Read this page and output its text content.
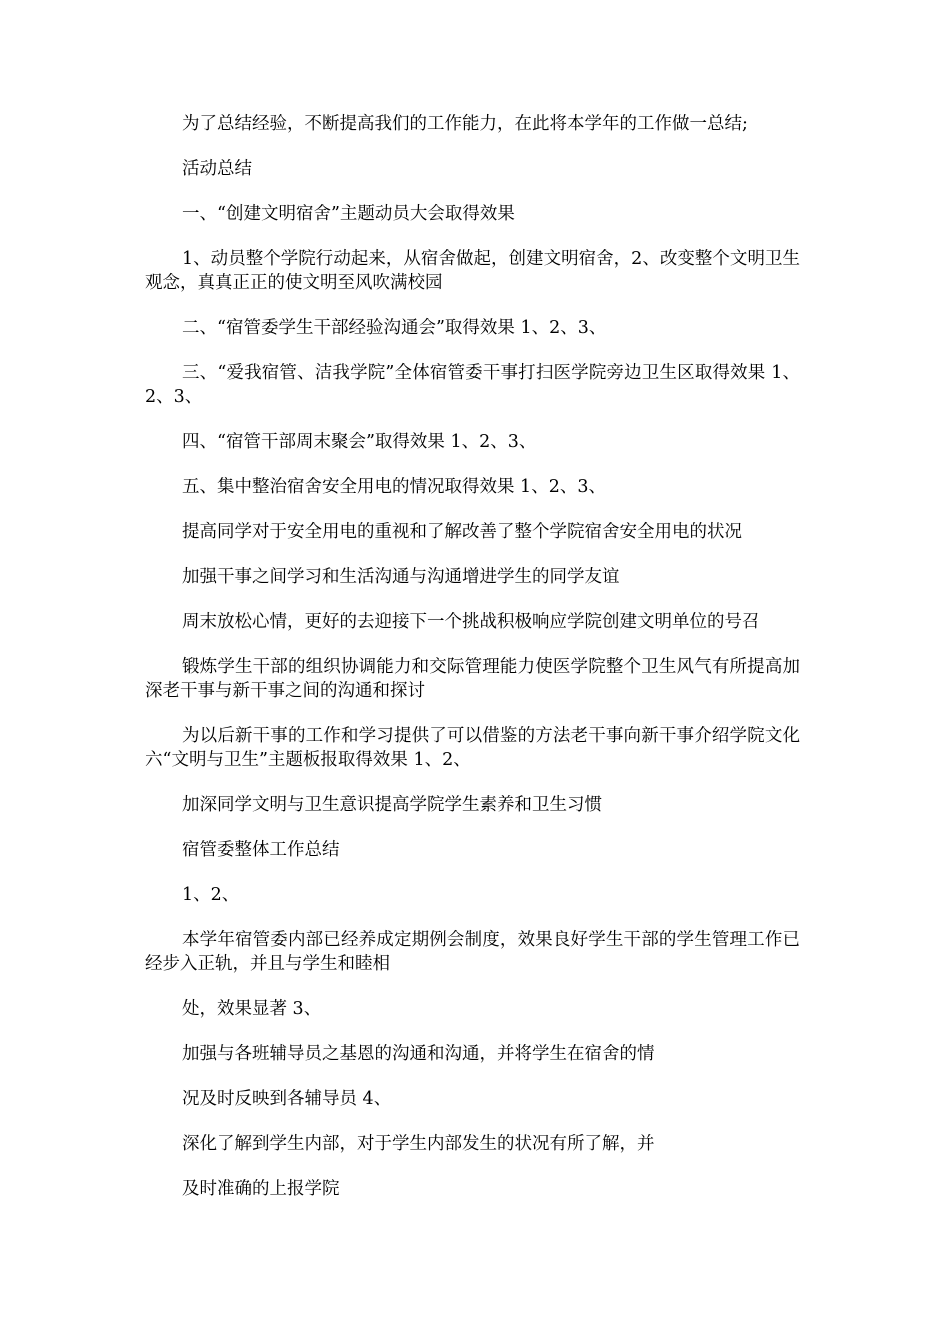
为了总结经验，不断提高我们的工作能力，在此将本学年的工作做一总结;

活动总结

一、“创建文明宿舍”主题动员大会取得效果

1、动员整个学院行动起来，从宿舍做起，创建文明宿舍，2、改变整个文明卫生观念，真真正正的使文明至风吹满校园

二、“宿管委学生干部经验沟通会”取得效果 1、2、3、

三、“爱我宿管、洁我学院”全体宿管委干事打扫医学院旁边卫生区取得效果 1、2、3、

四、“宿管干部周末聚会”取得效果 1、2、3、

五、集中整治宿舍安全用电的情况取得效果 1、2、3、

提高同学对于安全用电的重视和了解改善了整个学院宿舍安全用电的状况

加强干事之间学习和生活沟通与沟通增进学生的同学友谊

周末放松心情，更好的去迎接下一个挑战积极响应学院创建文明单位的号召

锻炼学生干部的组织协调能力和交际管理能力使医学院整个卫生风气有所提高加深老干事与新干事之间的沟通和探讨

为以后新干事的工作和学习提供了可以借鉴的方法老干事向新干事介绍学院文化六“文明与卫生”主题板报取得效果 1、2、

加深同学文明与卫生意识提高学院学生素养和卫生习惯

宿管委整体工作总结

1、2、

本学年宿管委内部已经养成定期例会制度，效果良好学生干部的学生管理工作已经步入正轨，并且与学生和睦相

处，效果显著 3、

加强与各班辅导员之基恩的沟通和沟通，并将学生在宿舍的情

况及时反映到各辅导员 4、

深化了解到学生内部，对于学生内部发生的状况有所了解，并

及时准确的上报学院
